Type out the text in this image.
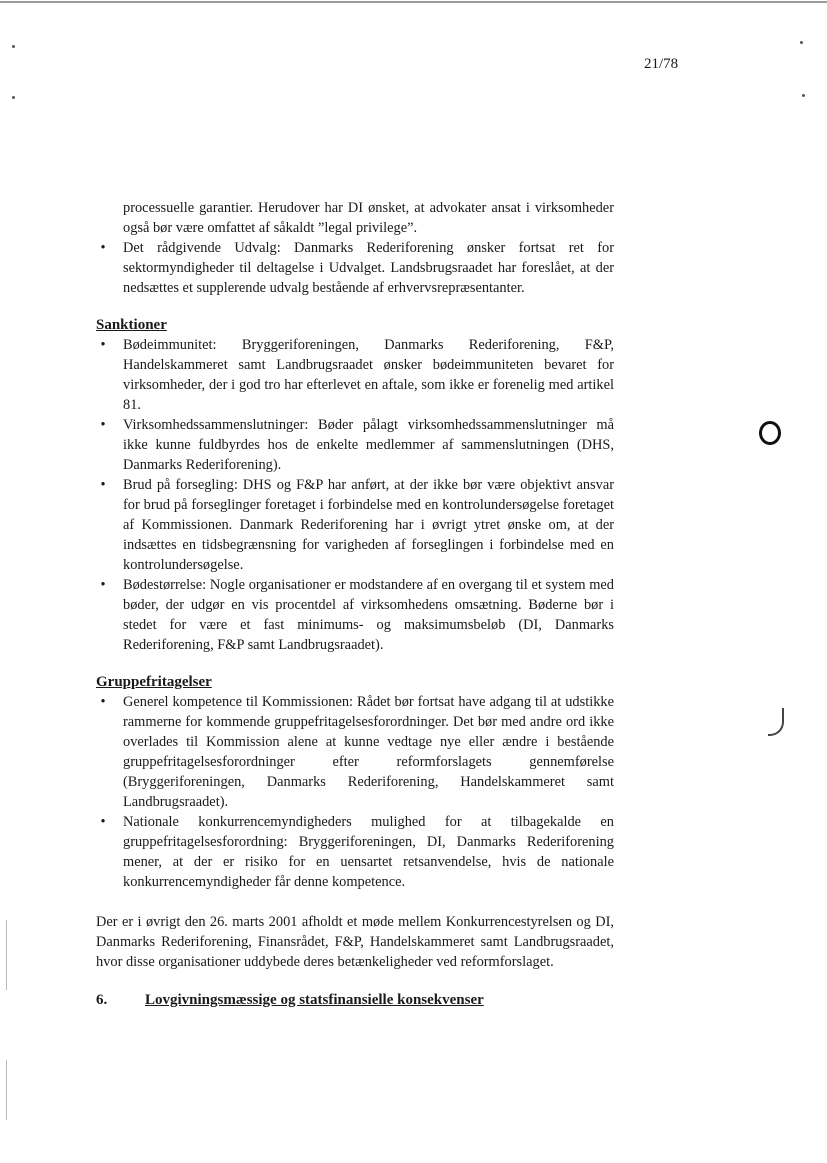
21/78

processuelle garantier. Herudover har DI ønsket, at advokater ansat i virksomheder også bør være omfattet af såkaldt ”legal privilege”.

•	Det rådgivende Udvalg: Danmarks Rederiforening ønsker fortsat ret for sektormyndigheder til deltagelse i Udvalget. Landsbrugsraadet har foreslået, at der nedsættes et supplerende udvalg bestående af erhvervsrepræsentanter.

Sanktioner

•	Bødeimmunitet: Bryggeriforeningen, Danmarks Rederiforening, F&P, Handelskammeret samt Landbrugsraadet ønsker bødeimmuniteten bevaret for virksomheder, der i god tro har efterlevet en aftale, som ikke er forenelig med artikel 81.
•	Virksomhedssammenslutninger: Bøder pålagt virksomhedssammenslutninger må ikke kunne fuldbyrdes hos de enkelte medlemmer af sammenslutningen (DHS, Danmarks Rederiforening).
•	Brud på forsegling: DHS og F&P har anført, at der ikke bør være objektivt ansvar for brud på forseglinger foretaget i forbindelse med en kontrolundersøgelse foretaget af Kommissionen. Danmark Rederiforening har i øvrigt ytret ønske om, at der indsættes en tidsbegrænsning for varigheden af forseglingen i forbindelse med en kontrolundersøgelse.
•	Bødestørrelse: Nogle organisationer er modstandere af en overgang til et system med bøder, der udgør en vis procentdel af virksomhedens omsætning. Bøderne bør i stedet for være et fast minimums- og maksimumsbeløb (DI, Danmarks Rederiforening, F&P samt Landbrugsraadet).

Gruppefritagelser

•	Generel kompetence til Kommissionen: Rådet bør fortsat have adgang til at udstikke rammerne for kommende gruppefritagelsesforordninger. Det bør med andre ord ikke overlades til Kommission alene at kunne vedtage nye eller ændre i bestående gruppefritagelsesforordninger efter reformforslagets gennemførelse (Bryggeriforeningen, Danmarks Rederiforening, Handelskammeret samt Landbrugsraadet).
•	Nationale konkurrencemyndigheders mulighed for at tilbagekalde en gruppefritagelsesforordning: Bryggeriforeningen, DI, Danmarks Rederiforening mener, at der er risiko for en uensartet retsanvendelse, hvis de nationale konkurrencemyndigheder får denne kompetence.

Der er i øvrigt den 26. marts 2001 afholdt et møde mellem Konkurrencestyrelsen og DI, Danmarks Rederiforening, Finansrådet, F&P, Handelskammeret samt Landbrugsraadet, hvor disse organisationer uddybede deres betænkeligheder ved reformforslaget.

6.	Lovgivningsmæssige og statsfinansielle konsekvenser
